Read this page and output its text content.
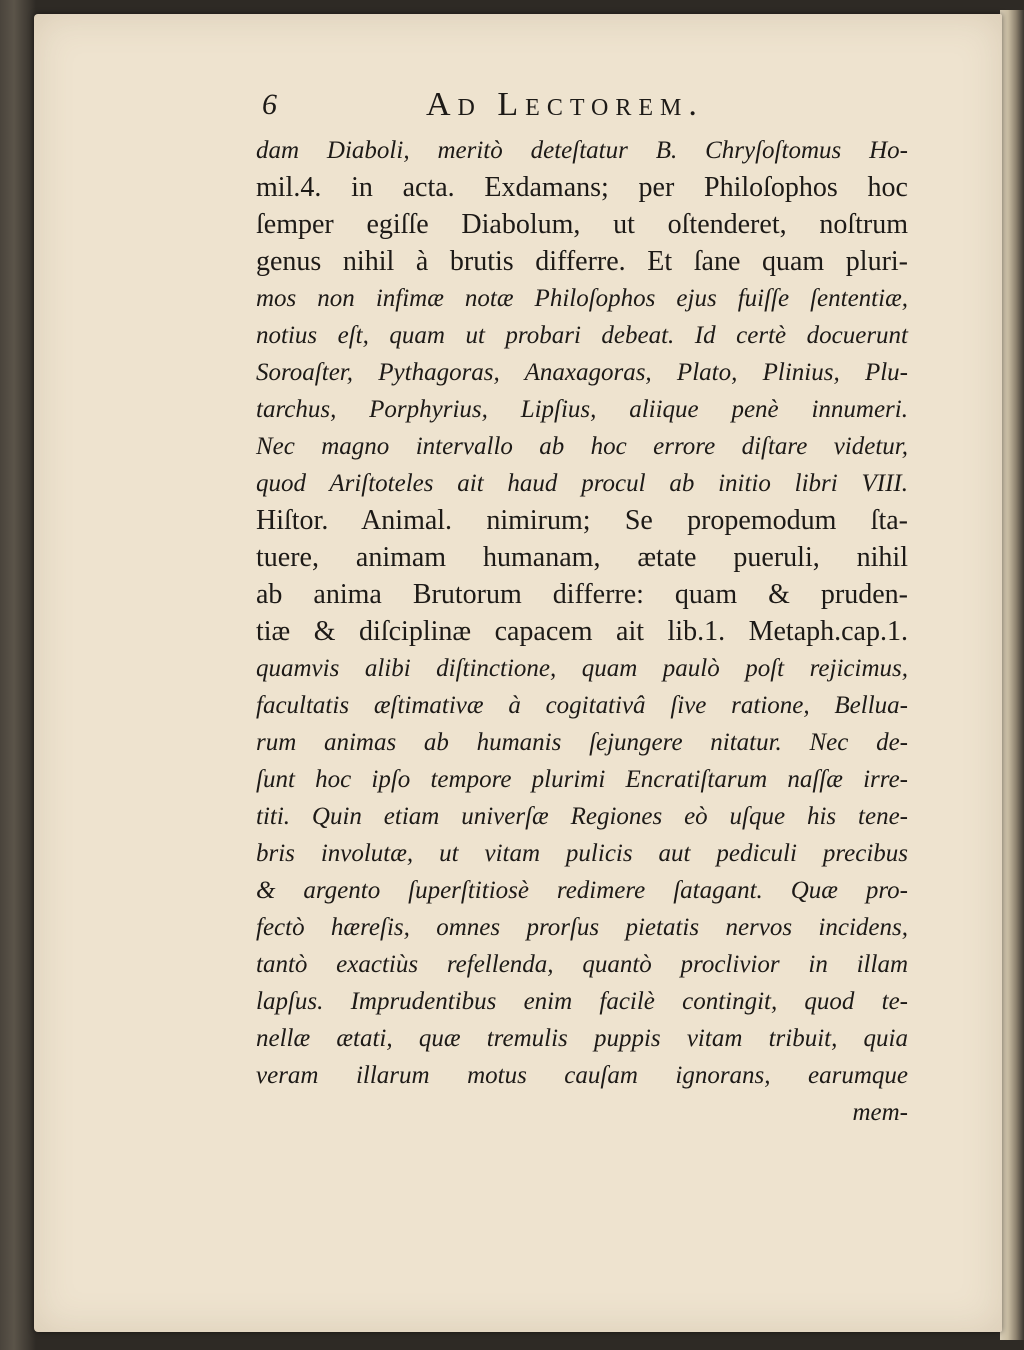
6	Ad Lectorem.
dam Diaboli, meritò deteſtatur B. Chryſoſtomus Ho-
mil.4. in acta. Exdamans; per Philoſophos hoc
ſemper egiſſe Diabolum, ut oſtenderet, noſtrum
genus nihil à brutis differre. Et ſane quam pluri-
mos non infimæ notæ Philoſophos ejus fuiſſe ſententiæ,
notius eſt, quam ut probari debeat. Id certè docuerunt
Soroaſter, Pythagoras, Anaxagoras, Plato, Plinius, Plu-
tarchus, Porphyrius, Lipſius, aliique penè innumeri.
Nec magno intervallo ab hoc errore diſtare videtur,
quod Ariſtoteles ait haud procul ab initio libri VIII.
Hiſtor. Animal. nimirum; Se propemodum ſta-
tuere, animam humanam, ætate pueruli, nihil
ab anima Brutorum differre: quam & pruden-
tiæ & diſciplinæ capacem ait lib.1. Metaph.cap.1.
quamvis alibi diſtinctione, quam paulò poſt rejicimus,
facultatis æſtimativæ à cogitativâ ſive ratione, Bellua-
rum animas ab humanis ſejungere nitatur. Nec de-
ſunt hoc ipſo tempore plurimi Encratiſtarum naſſæ irre-
titi. Quin etiam univerſæ Regiones eò uſque his tene-
bris involutæ, ut vitam pulicis aut pediculi precibus
& argento ſuperſtitiosè redimere ſatagant. Quæ pro-
fectò hæreſis, omnes prorſus pietatis nervos incidens,
tantò exactiùs refellenda, quantò proclivior in illam
lapſus. Imprudentibus enim facilè contingit, quod te-
nellæ ætati, quæ tremulis puppis vitam tribuit, quia
veram illarum motus cauſam ignorans, earumque
mem-
